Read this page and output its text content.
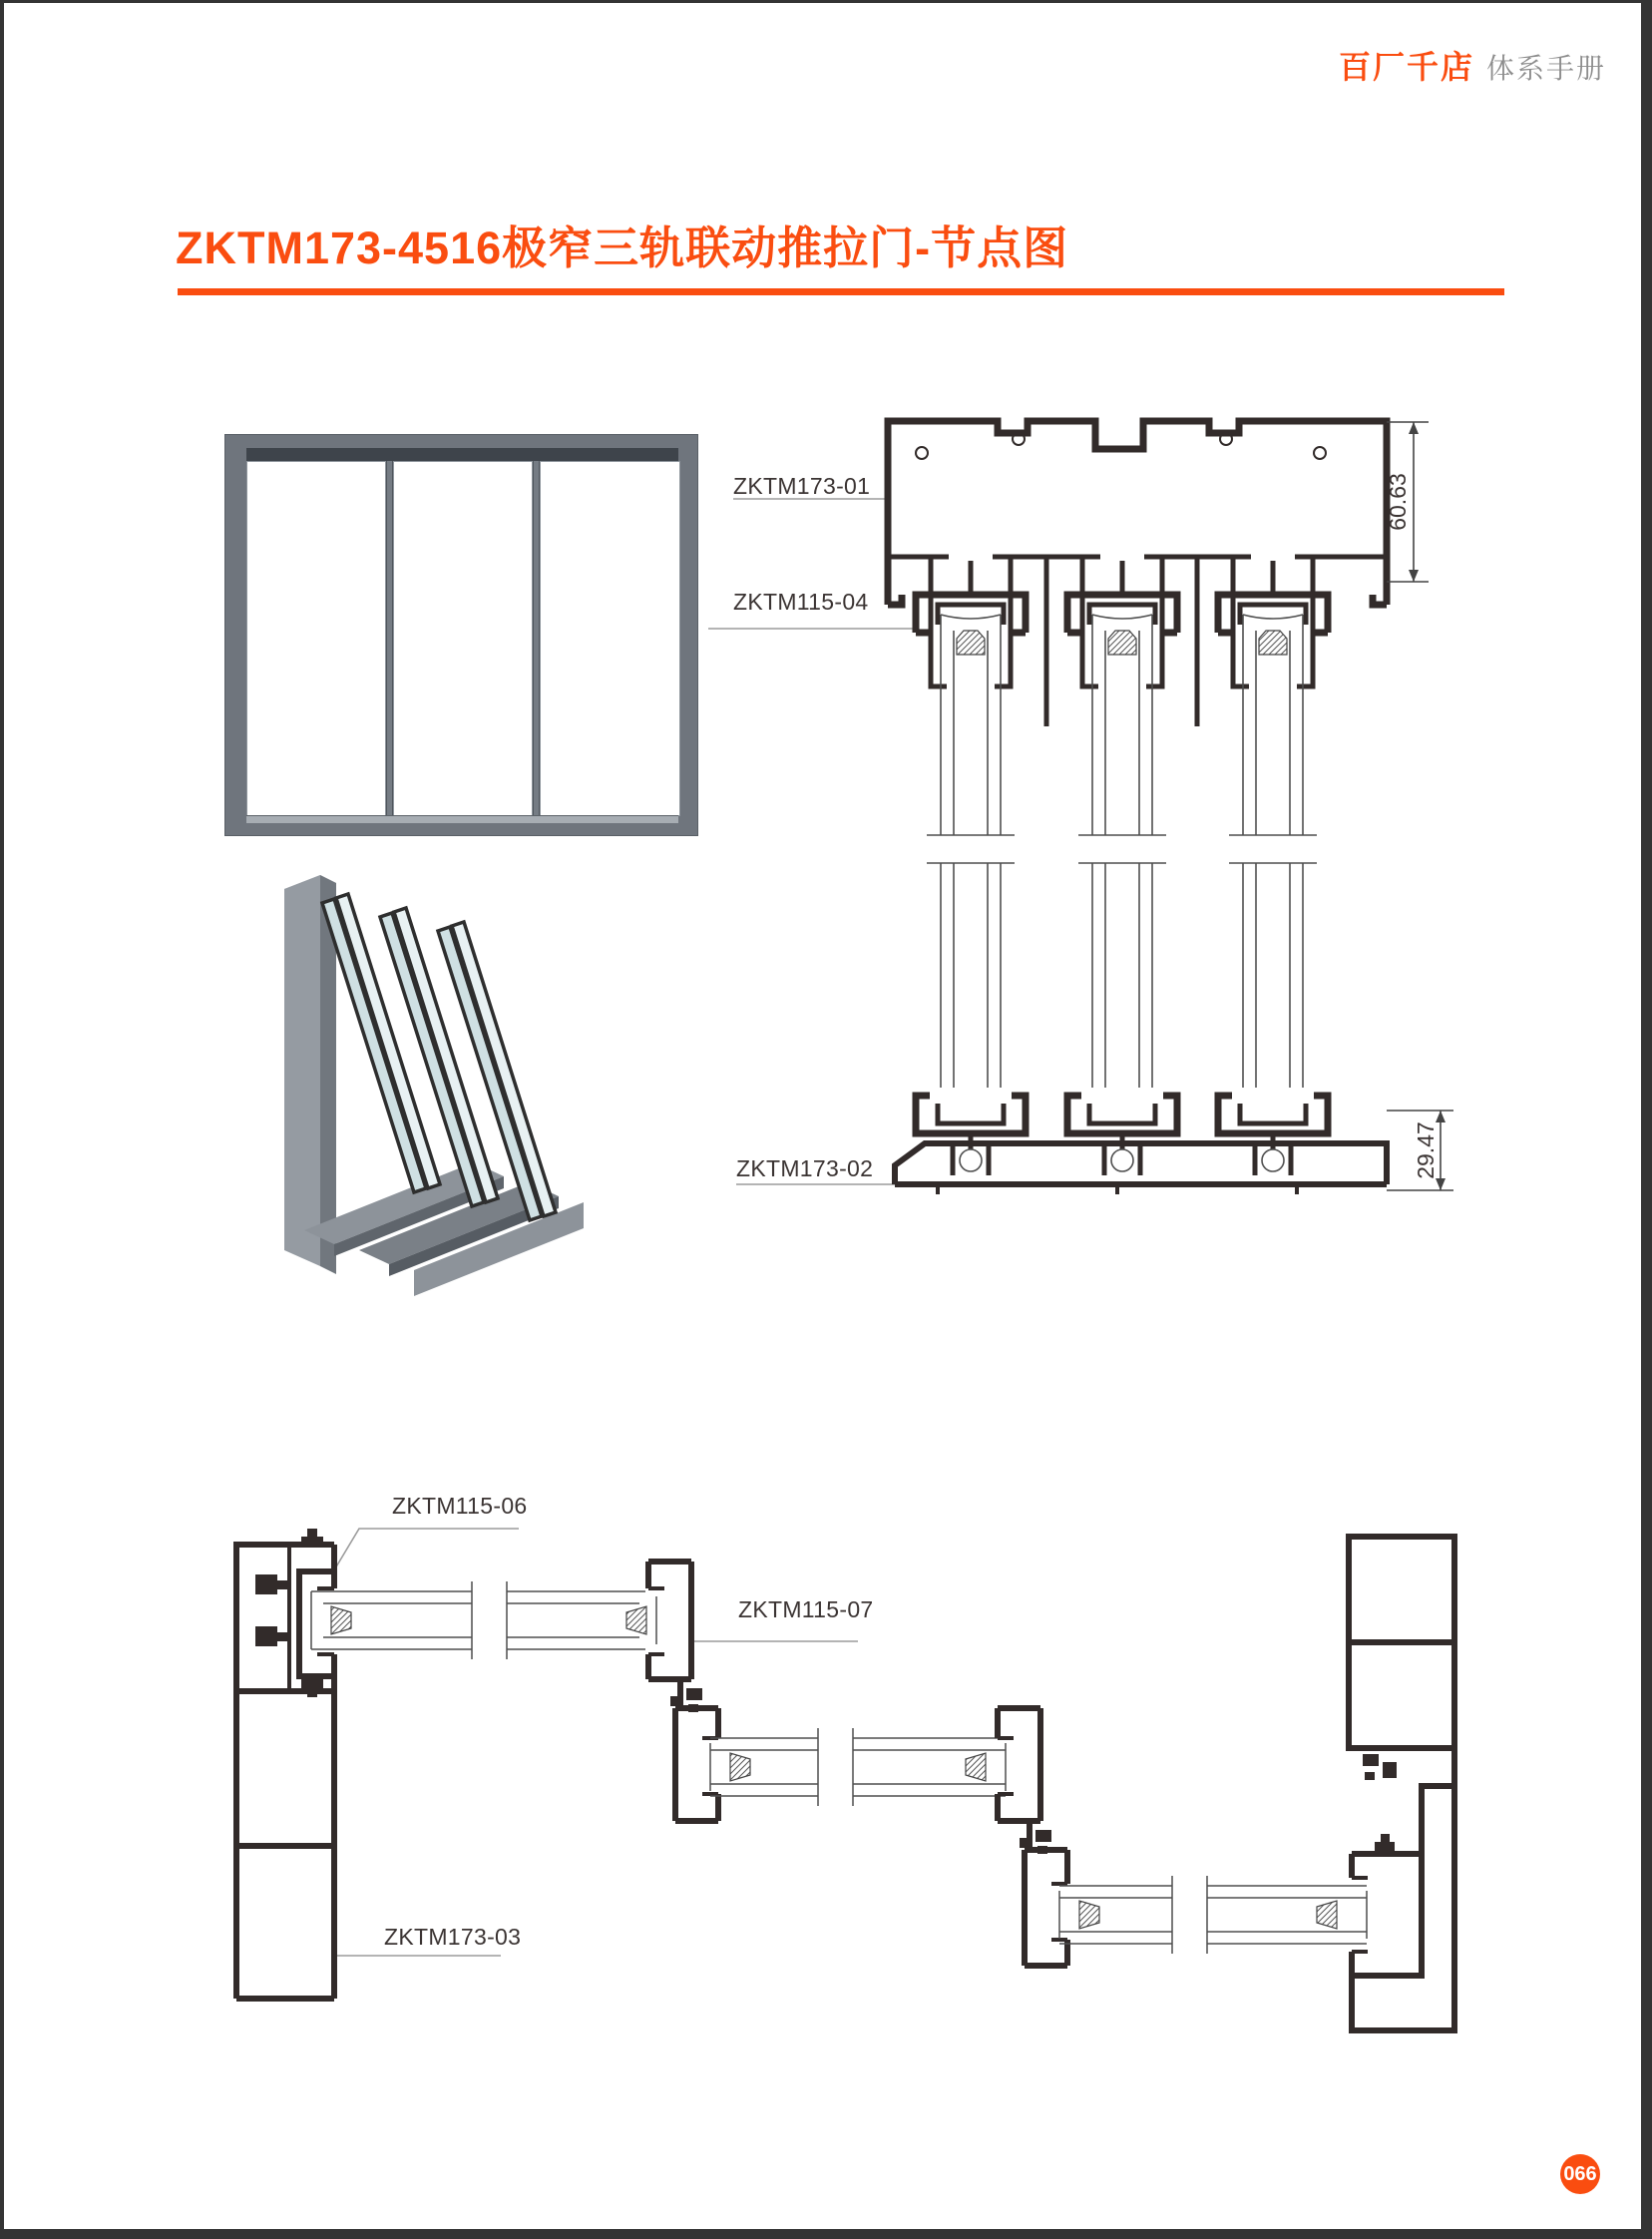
百厂千店 体系手册
ZKTM173-4516极窄三轨联动推拉门-节点图
ZKTM173-01
ZKTM115-04
ZKTM173-02
60.63
29.47
ZKTM115-06
ZKTM115-07
ZKTM173-03
066
